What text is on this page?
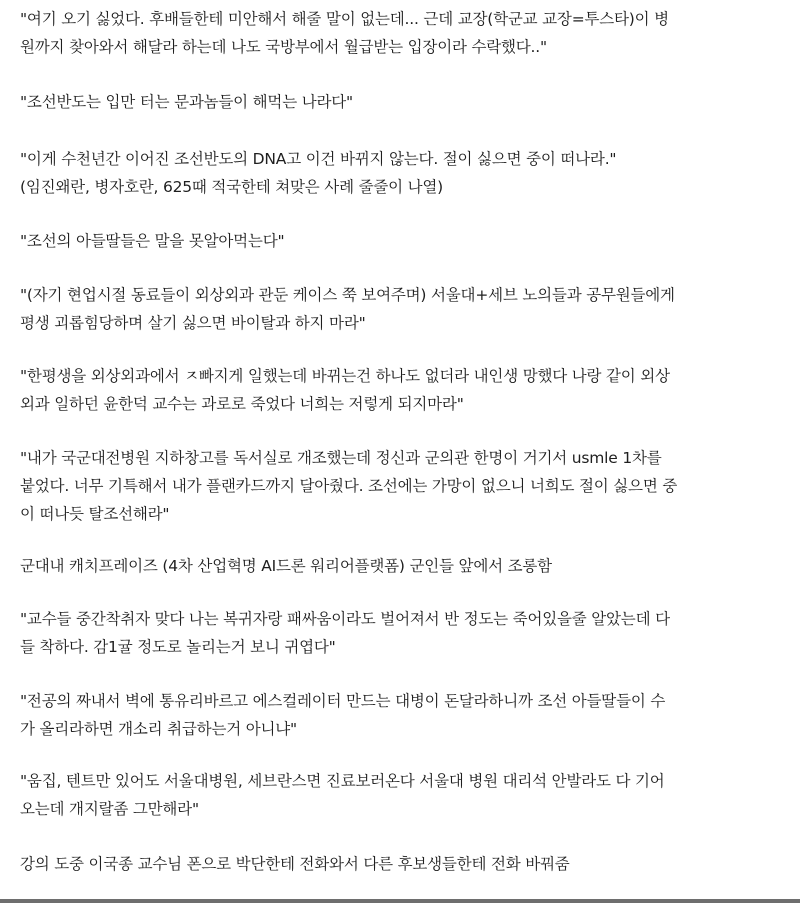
"여기 오기 싫었다. 후배들한테 미안해서 해줄 말이 없는데... 근데 교장(학군교 교장=투스타)이 병
원까지 찾아와서 해달라 하는데 나도 국방부에서 월급받는 입장이라 수락했다.."

"조선반도는 입만 터는 문과놈들이 해먹는 나라다"

"이게 수천년간 이어진 조선반도의 DNA고 이건 바뀌지 않는다. 절이 싫으면 중이 떠나라."
(임진왜란, 병자호란, 625때 적국한테 쳐맞은 사례 줄줄이 나열)

"조선의 아들딸들은 말을 못알아먹는다"

"(자기 현업시절 동료들이 외상외과 관둔 케이스 쭉 보여주며) 서울대+세브 노의들과 공무원들에게
평생 괴롭힘당하며 살기 싫으면 바이탈과 하지 마라"

"한평생을 외상외과에서 ㅈ빠지게 일했는데 바뀌는건 하나도 없더라 내인생 망했다 나랑 같이 외상
외과 일하던 윤한덕 교수는 과로로 죽었다 너희는 저렇게 되지마라"

"내가 국군대전병원 지하창고를 독서실로 개조했는데 정신과 군의관 한명이 거기서 usmle 1차를
붙었다. 너무 기특해서 내가 플랜카드까지 달아줬다. 조선에는 가망이 없으니 너희도 절이 싫으면 중
이 떠나듯 탈조선해라"

군대내 캐치프레이즈 (4차 산업혁명 AI드론 워리어플랫폼) 군인들 앞에서 조롱함

"교수들 중간착취자 맞다 나는 복귀자랑 패싸움이라도 벌어져서 반 정도는 죽어있을줄 알았는데 다
들 착하다. 감1귤 정도로 놀리는거 보니 귀엽다"

"전공의 짜내서 벽에 통유리바르고 에스컬레이터 만드는 대병이 돈달라하니까 조선 아들딸들이 수
가 올리라하면 개소리 취급하는거 아니냐"

"움집, 텐트만 있어도 서울대병원, 세브란스면 진료보러온다 서울대 병원 대리석 안발라도 다 기어
오는데 개지랄좀 그만해라"

강의 도중 이국종 교수님 폰으로 박단한테 전화와서 다른 후보생들한테 전화 바꿔줌
